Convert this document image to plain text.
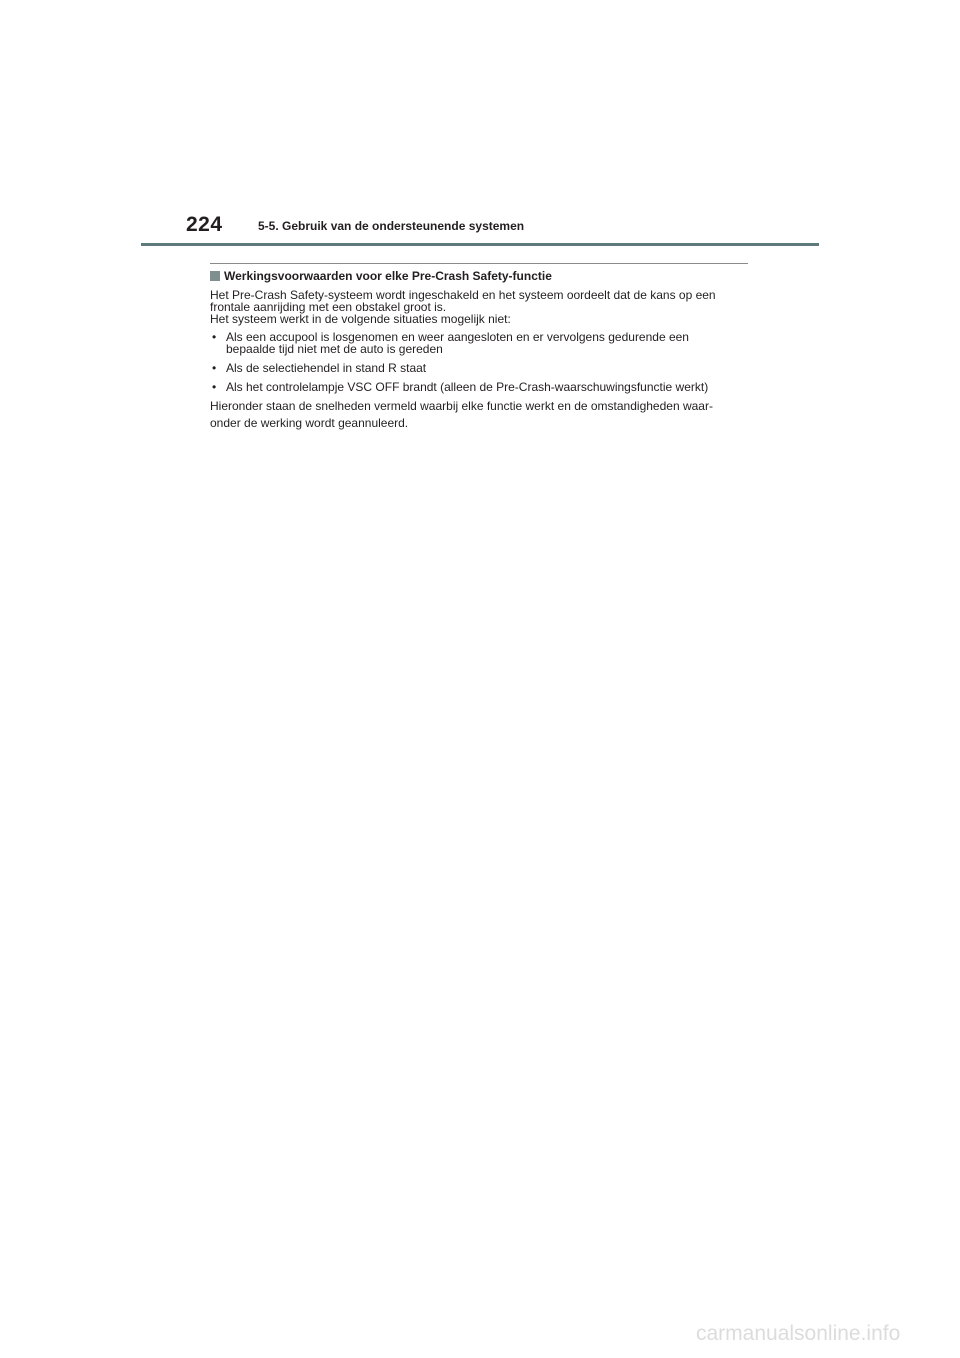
224	5-5. Gebruik van de ondersteunende systemen
Werkingsvoorwaarden voor elke Pre-Crash Safety-functie

Het Pre-Crash Safety-systeem wordt ingeschakeld en het systeem oordeelt dat de kans op een

frontale aanrijding met een obstakel groot is.

Het systeem werkt in de volgende situaties mogelijk niet:

• Als een accupool is losgenomen en weer aangesloten en er vervolgens gedurende een
bepaalde tijd niet met de auto is gereden
• Als de selectiehendel in stand R staat
• Als het controlelampje VSC OFF brandt (alleen de Pre-Crash-waarschuwingsfunctie werkt)

Hieronder staan de snelheden vermeld waarbij elke functie werkt en de omstandigheden waar-

onder de werking wordt geannuleerd.

carmanualsonline.info
